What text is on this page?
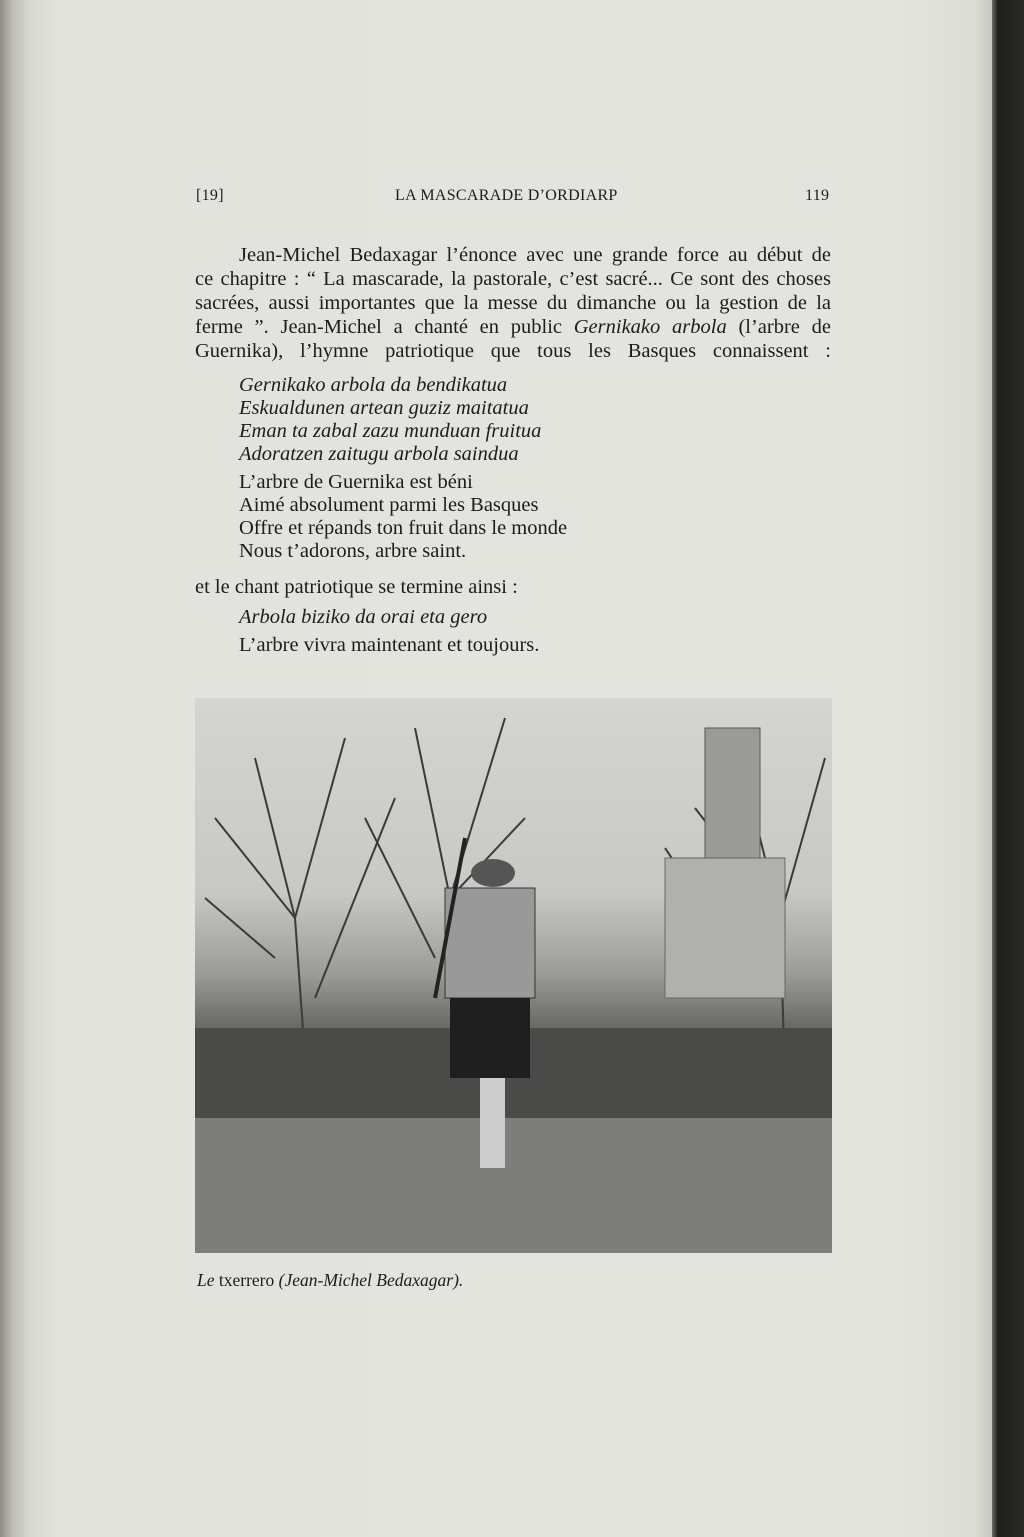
[19]	LA MASCARADE D’ORDIARP	119
Jean-Michel Bedaxagar l’énonce avec une grande force au début de
ce chapitre : “ La mascarade, la pastorale, c’est sacré... Ce sont des choses
sacrées, aussi importantes que la messe du dimanche ou la gestion de la
ferme ”. Jean-Michel a chanté en public Gernikako arbola (l’arbre de
Guernika), l’hymne patriotique que tous les Basques connaissent :
Gernikako arbola da bendikatua
Eskualdunen artean guziz maitatua
Eman ta zabal zazu munduan fruitua
Adoratzen zaitugu arbola saindua
L’arbre de Guernika est béni
Aimé absolument parmi les Basques
Offre et répands ton fruit dans le monde
Nous t’adorons, arbre saint.
et le chant patriotique se termine ainsi :
Arbola biziko da orai eta gero
L’arbre vivra maintenant et toujours.
Le txerrero (Jean-Michel Bedaxagar).
